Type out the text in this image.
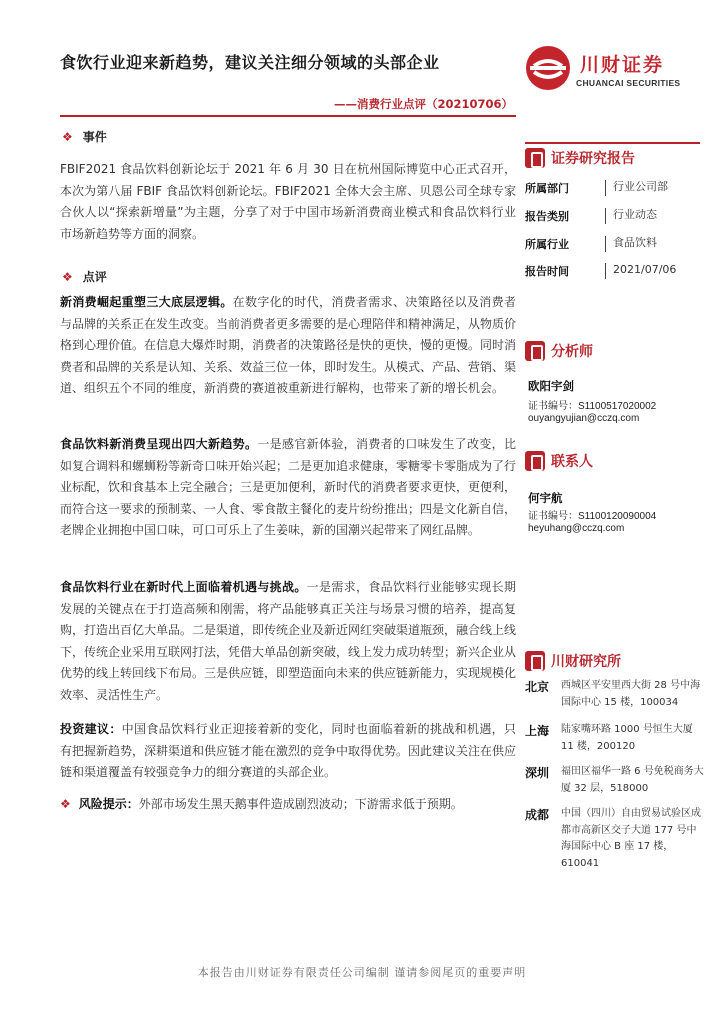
食饮行业迎来新趋势，建议关注细分领域的头部企业
——消费行业点评（20210706）
川财证券
CHUANCAI SECURITIES
❖ 事件
FBIF2021 食品饮料创新论坛于 2021 年 6 月 30 日在杭州国际博览中心正式召开，本次为第八届 FBIF 食品饮料创新论坛。FBIF2021 全体大会主席、贝恩公司全球专家合伙人以“探索新增量”为主题，分享了对于中国市场新消费商业模式和食品饮料行业市场新趋势等方面的洞察。
❖ 点评
新消费崛起重塑三大底层逻辑。在数字化的时代，消费者需求、决策路径以及消费者与品牌的关系正在发生改变。当前消费者更多需要的是心理陪伴和精神满足，从物质价格到心理价值。在信息大爆炸时期，消费者的决策路径是快的更快，慢的更慢。同时消费者和品牌的关系是认知、关系、效益三位一体，即时发生。从模式、产品、营销、渠道、组织五个不同的维度，新消费的赛道被重新进行解构，也带来了新的增长机会。
食品饮料新消费呈现出四大新趋势。一是感官新体验，消费者的口味发生了改变，比如复合调料和螺蛳粉等新奇口味开始兴起；二是更加追求健康，零糖零卡零脂成为了行业标配，饮和食基本上完全融合；三是更加便利，新时代的消费者要求更快，更便利，而符合这一要求的预制菜、一人食、零食散主餐化的麦片纷纷推出；四是文化新自信，老牌企业拥抱中国口味，可口可乐上了生姜味，新的国潮兴起带来了网红品牌。
食品饮料行业在新时代上面临着机遇与挑战。一是需求，食品饮料行业能够实现长期发展的关键点在于打造高频和刚需，将产品能够真正关注与场景习惯的培养，提高复购，打造出百亿大单品。二是渠道，即传统企业及新近网红突破渠道瓶颈，融合线上线下，传统企业采用互联网打法，凭借大单品创新突破，线上发力成功转型；新兴企业从优势的线上转回线下布局。三是供应链，即塑造面向未来的供应链新能力，实现规模化效率、灵活性生产。
投资建议：中国食品饮料行业正迎接着新的变化，同时也面临着新的挑战和机遇，只有把握新趋势，深耕渠道和供应链才能在激烈的竞争中取得优势。因此建议关注在供应链和渠道覆盖有较强竞争力的细分赛道的头部企业。
❖ 风险提示：外部市场发生黑天鹅事件造成剧烈波动；下游需求低于预期。
证券研究报告
所属部门	行业公司部
报告类别	行业动态
所属行业	食品饮料
报告时间	2021/07/06
分析师
欧阳宇剑
证书编号：S1100517020002
ouyangyujian@cczq.com
联系人
何宇航
证书编号：S1100120090004
heyuhang@cczq.com
川财研究所
北京	西城区平安里西大街 28 号中海国际中心 15 楼，100034
上海	陆家嘴环路 1000 号恒生大厦 11 楼，200120
深圳	福田区福华一路 6 号免税商务大厦 32 层，518000
成都	中国（四川）自由贸易试验区成都市高新区交子大道 177 号中海国际中心 B 座 17 楼，610041
本报告由川财证券有限责任公司编制 谨请参阅尾页的重要声明
